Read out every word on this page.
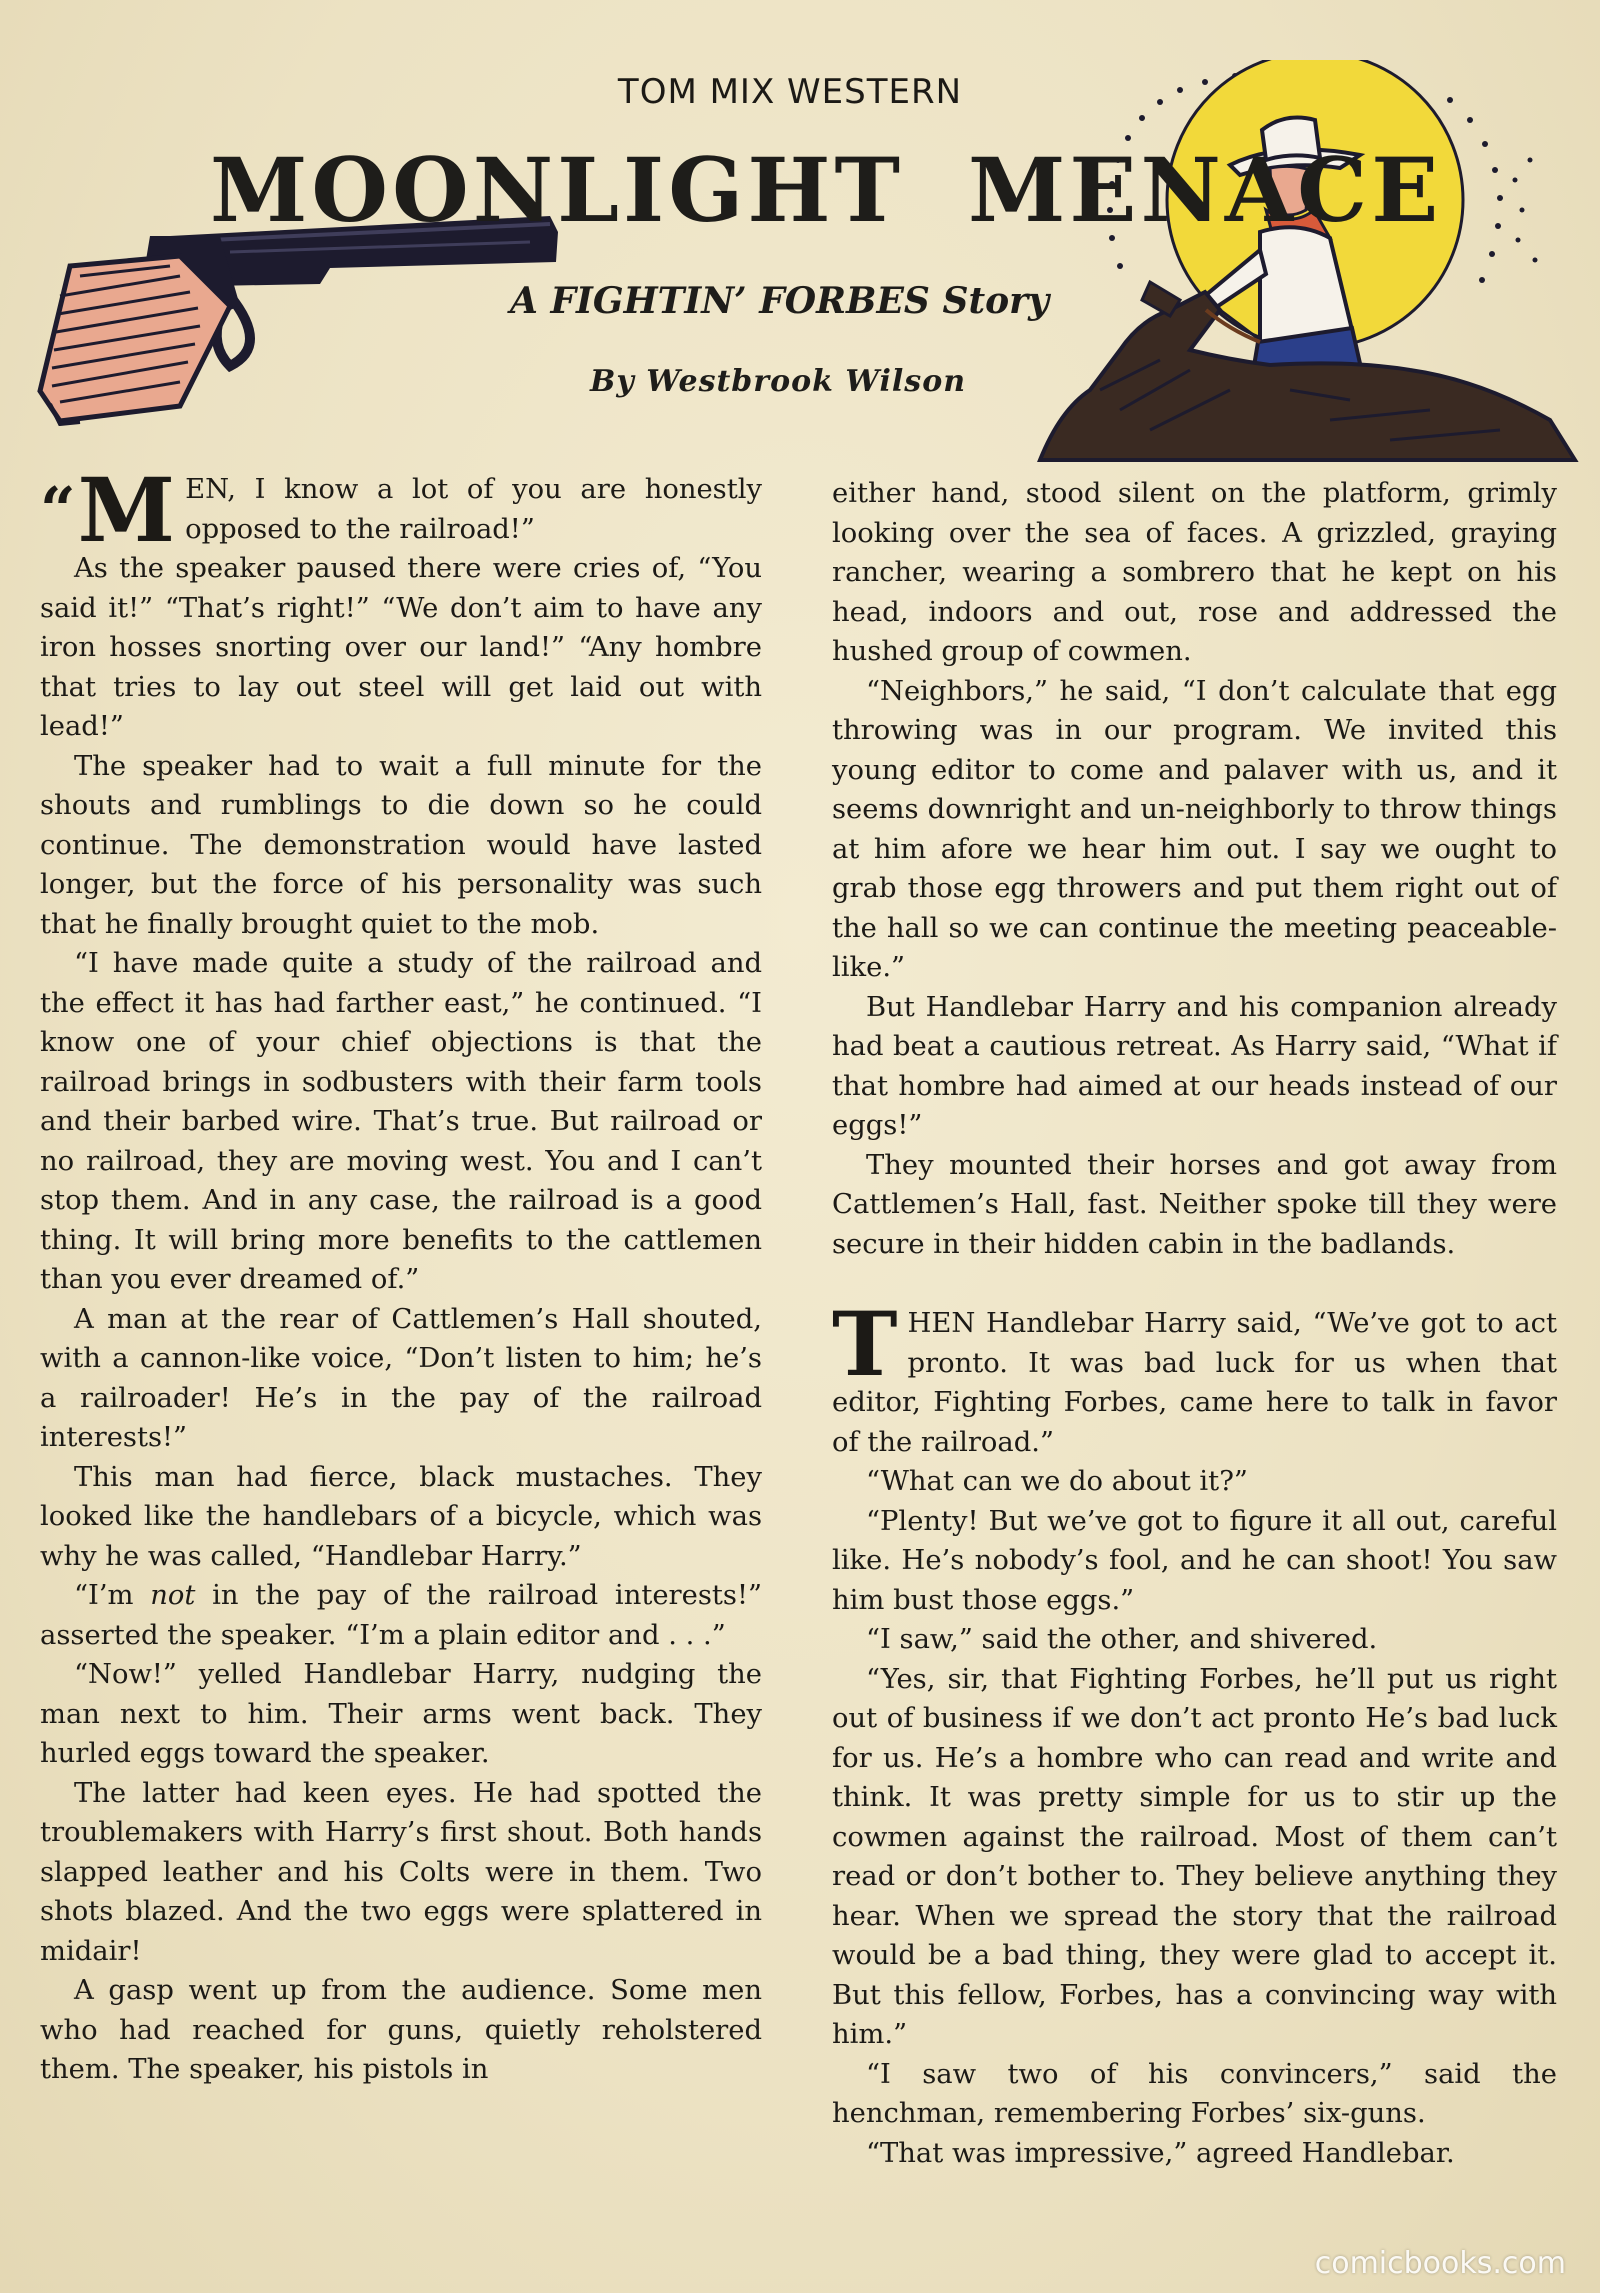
TOM MIX WESTERN
MOONLIGHT MENACE
A FIGHTIN’ FORBES Story
By Westbrook Wilson

“M EN, I know a lot of you are honestly opposed to the railroad!”

As the speaker paused there were cries of, “You said it!” “That’s right!” “We don’t aim to have any iron hosses snorting over our land!” “Any hombre that tries to lay out steel will get laid out with lead!”

The speaker had to wait a full minute for the shouts and rumblings to die down so he could continue. The demonstration would have lasted longer, but the force of his personality was such that he finally brought quiet to the mob.

“I have made quite a study of the railroad and the effect it has had farther east,” he continued. “I know one of your chief objections is that the railroad brings in sodbusters with their farm tools and their barbed wire. That’s true. But railroad or no railroad, they are moving west. You and I can’t stop them. And in any case, the railroad is a good thing. It will bring more benefits to the cattlemen than you ever dreamed of.”

A man at the rear of Cattlemen’s Hall shouted, with a cannon-like voice, “Don’t listen to him; he’s a railroader! He’s in the pay of the railroad interests!”

This man had fierce, black mustaches. They looked like the handlebars of a bicycle, which was why he was called, “Handlebar Harry.”

“I’m not in the pay of the railroad interests!” asserted the speaker. “I’m a plain editor and . . .”

“Now!” yelled Handlebar Harry, nudging the man next to him. Their arms went back. They hurled eggs toward the speaker.

The latter had keen eyes. He had spotted the troublemakers with Harry’s first shout. Both hands slapped leather and his Colts were in them. Two shots blazed. And the two eggs were splattered in midair!

A gasp went up from the audience. Some men who had reached for guns, quietly reholstered them. The speaker, his pistols in

either hand, stood silent on the platform, grimly looking over the sea of faces. A grizzled, graying rancher, wearing a sombrero that he kept on his head, indoors and out, rose and addressed the hushed group of cowmen.

“Neighbors,” he said, “I don’t calculate that egg throwing was in our program. We invited this young editor to come and palaver with us, and it seems downright and un-neighborly to throw things at him afore we hear him out. I say we ought to grab those egg throwers and put them right out of the hall so we can continue the meeting peaceable-like.”

But Handlebar Harry and his companion already had beat a cautious retreat. As Harry said, “What if that hombre had aimed at our heads instead of our eggs!”

They mounted their horses and got away from Cattlemen’s Hall, fast. Neither spoke till they were secure in their hidden cabin in the badlands.

THEN Handlebar Harry said, “We’ve got to act pronto. It was bad luck for us when that editor, Fighting Forbes, came here to talk in favor of the railroad.”

“What can we do about it?”

“Plenty! But we’ve got to figure it all out, careful like. He’s nobody’s fool, and he can shoot! You saw him bust those eggs.”

“I saw,” said the other, and shivered.

“Yes, sir, that Fighting Forbes, he’ll put us right out of business if we don’t act pronto He’s bad luck for us. He’s a hombre who can read and write and think. It was pretty simple for us to stir up the cowmen against the railroad. Most of them can’t read or don’t bother to. They believe anything they hear. When we spread the story that the railroad would be a bad thing, they were glad to accept it. But this fellow, Forbes, has a convincing way with him.”

“I saw two of his convincers,” said the henchman, remembering Forbes’ six-guns.

“That was impressive,” agreed Handlebar.

comicbooks.com
